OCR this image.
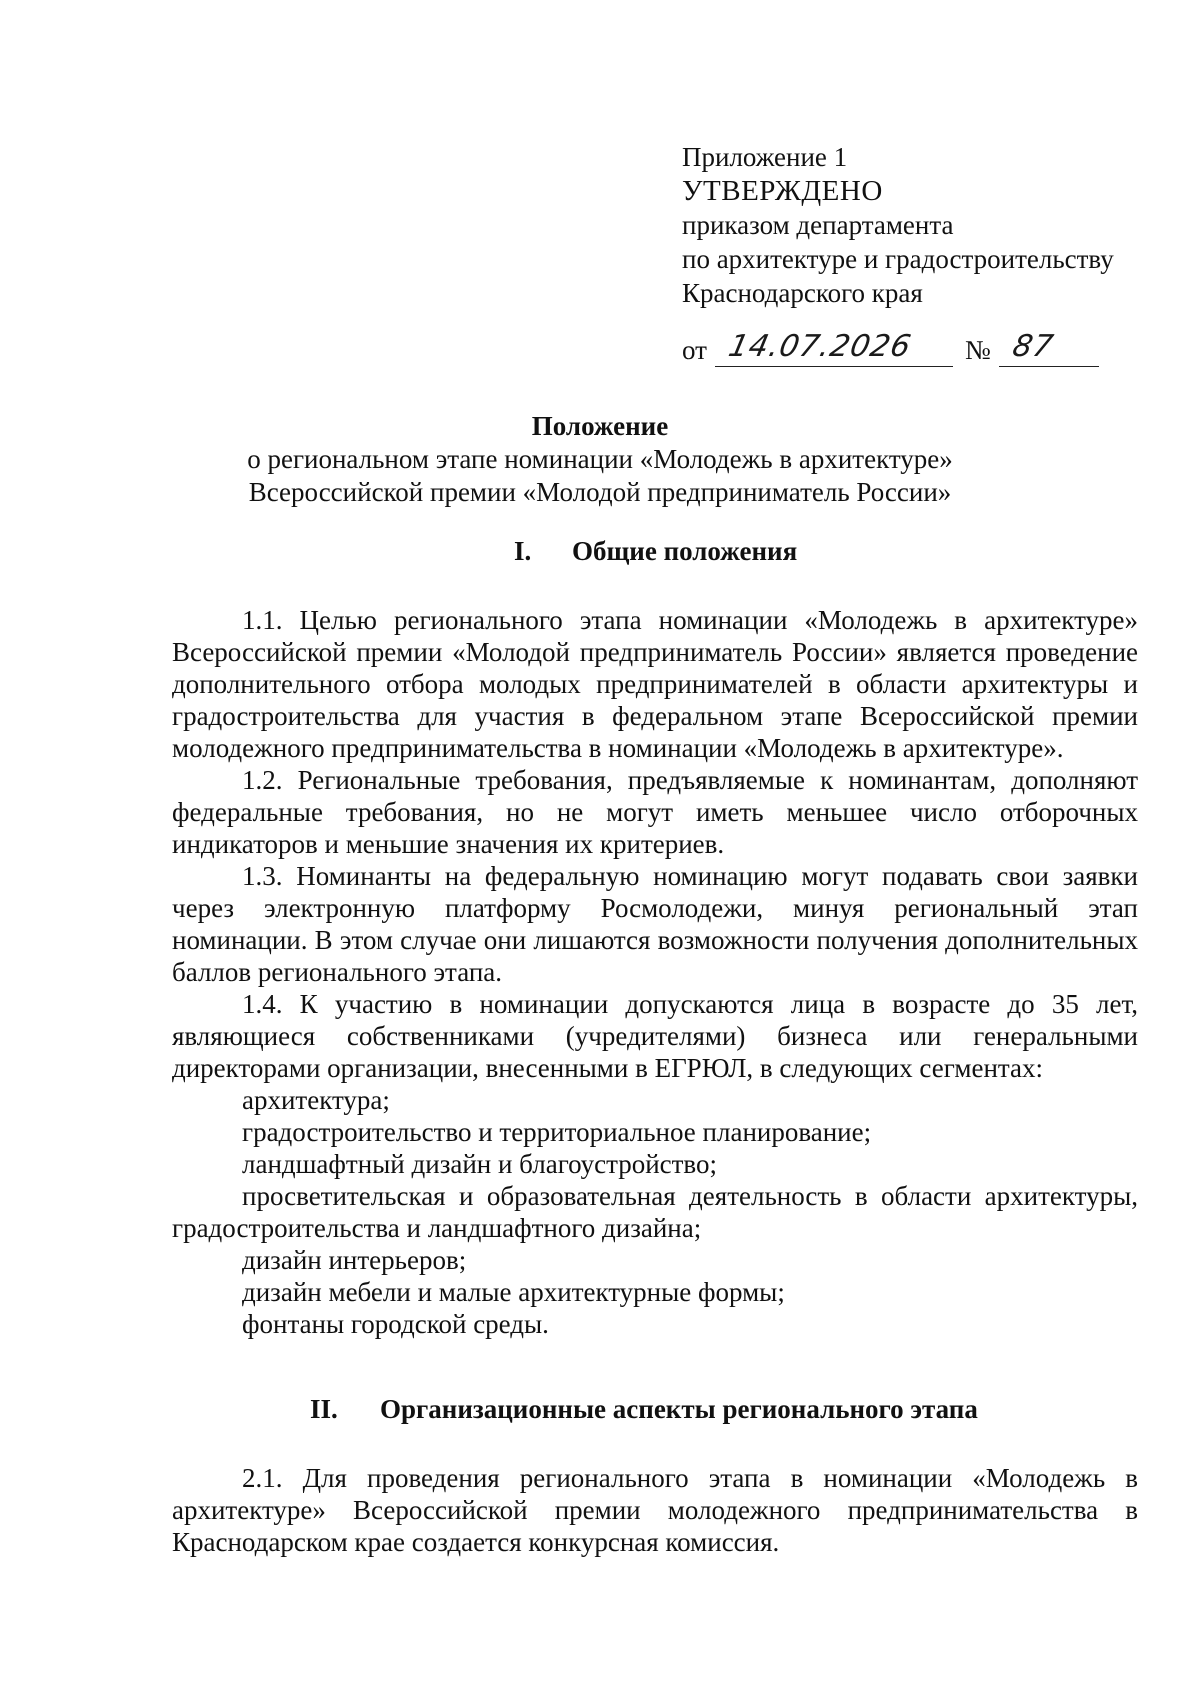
Приложение 1
УТВЕРЖДЕНО
приказом департамента
по архитектуре и градостроительству
Краснодарского края
от 14.07.2026 № 87
Положение
о региональном этапе номинации «Молодежь в архитектуре»
Всероссийской премии «Молодой предприниматель России»
I. Общие положения

1.1. Целью регионального этапа номинации «Молодежь в архитектуре» Всероссийской премии «Молодой предприниматель России» является проведение дополнительного отбора молодых предпринимателей в области архитектуры и градостроительства для участия в федеральном этапе Всероссийской премии молодежного предпринимательства в номинации «Молодежь в архитектуре».

1.2. Региональные требования, предъявляемые к номинантам, дополняют федеральные требования, но не могут иметь меньшее число отборочных индикаторов и меньшие значения их критериев.

1.3. Номинанты на федеральную номинацию могут подавать свои заявки через электронную платформу Росмолодежи, минуя региональный этап номинации. В этом случае они лишаются возможности получения дополнительных баллов регионального этапа.

1.4. К участию в номинации допускаются лица в возрасте до 35 лет, являющиеся собственниками (учредителями) бизнеса или генеральными директорами организации, внесенными в ЕГРЮЛ, в следующих сегментах:

архитектура;

градостроительство и территориальное планирование;

ландшафтный дизайн и благоустройство;

просветительская и образовательная деятельность в области архитектуры, градостроительства и ландшафтного дизайна;

дизайн интерьеров;

дизайн мебели и малые архитектурные формы;

фонтаны городской среды.

II. Организационные аспекты регионального этапа

2.1. Для проведения регионального этапа в номинации «Молодежь в архитектуре» Всероссийской премии молодежного предпринимательства в Краснодарском крае создается конкурсная комиссия.
